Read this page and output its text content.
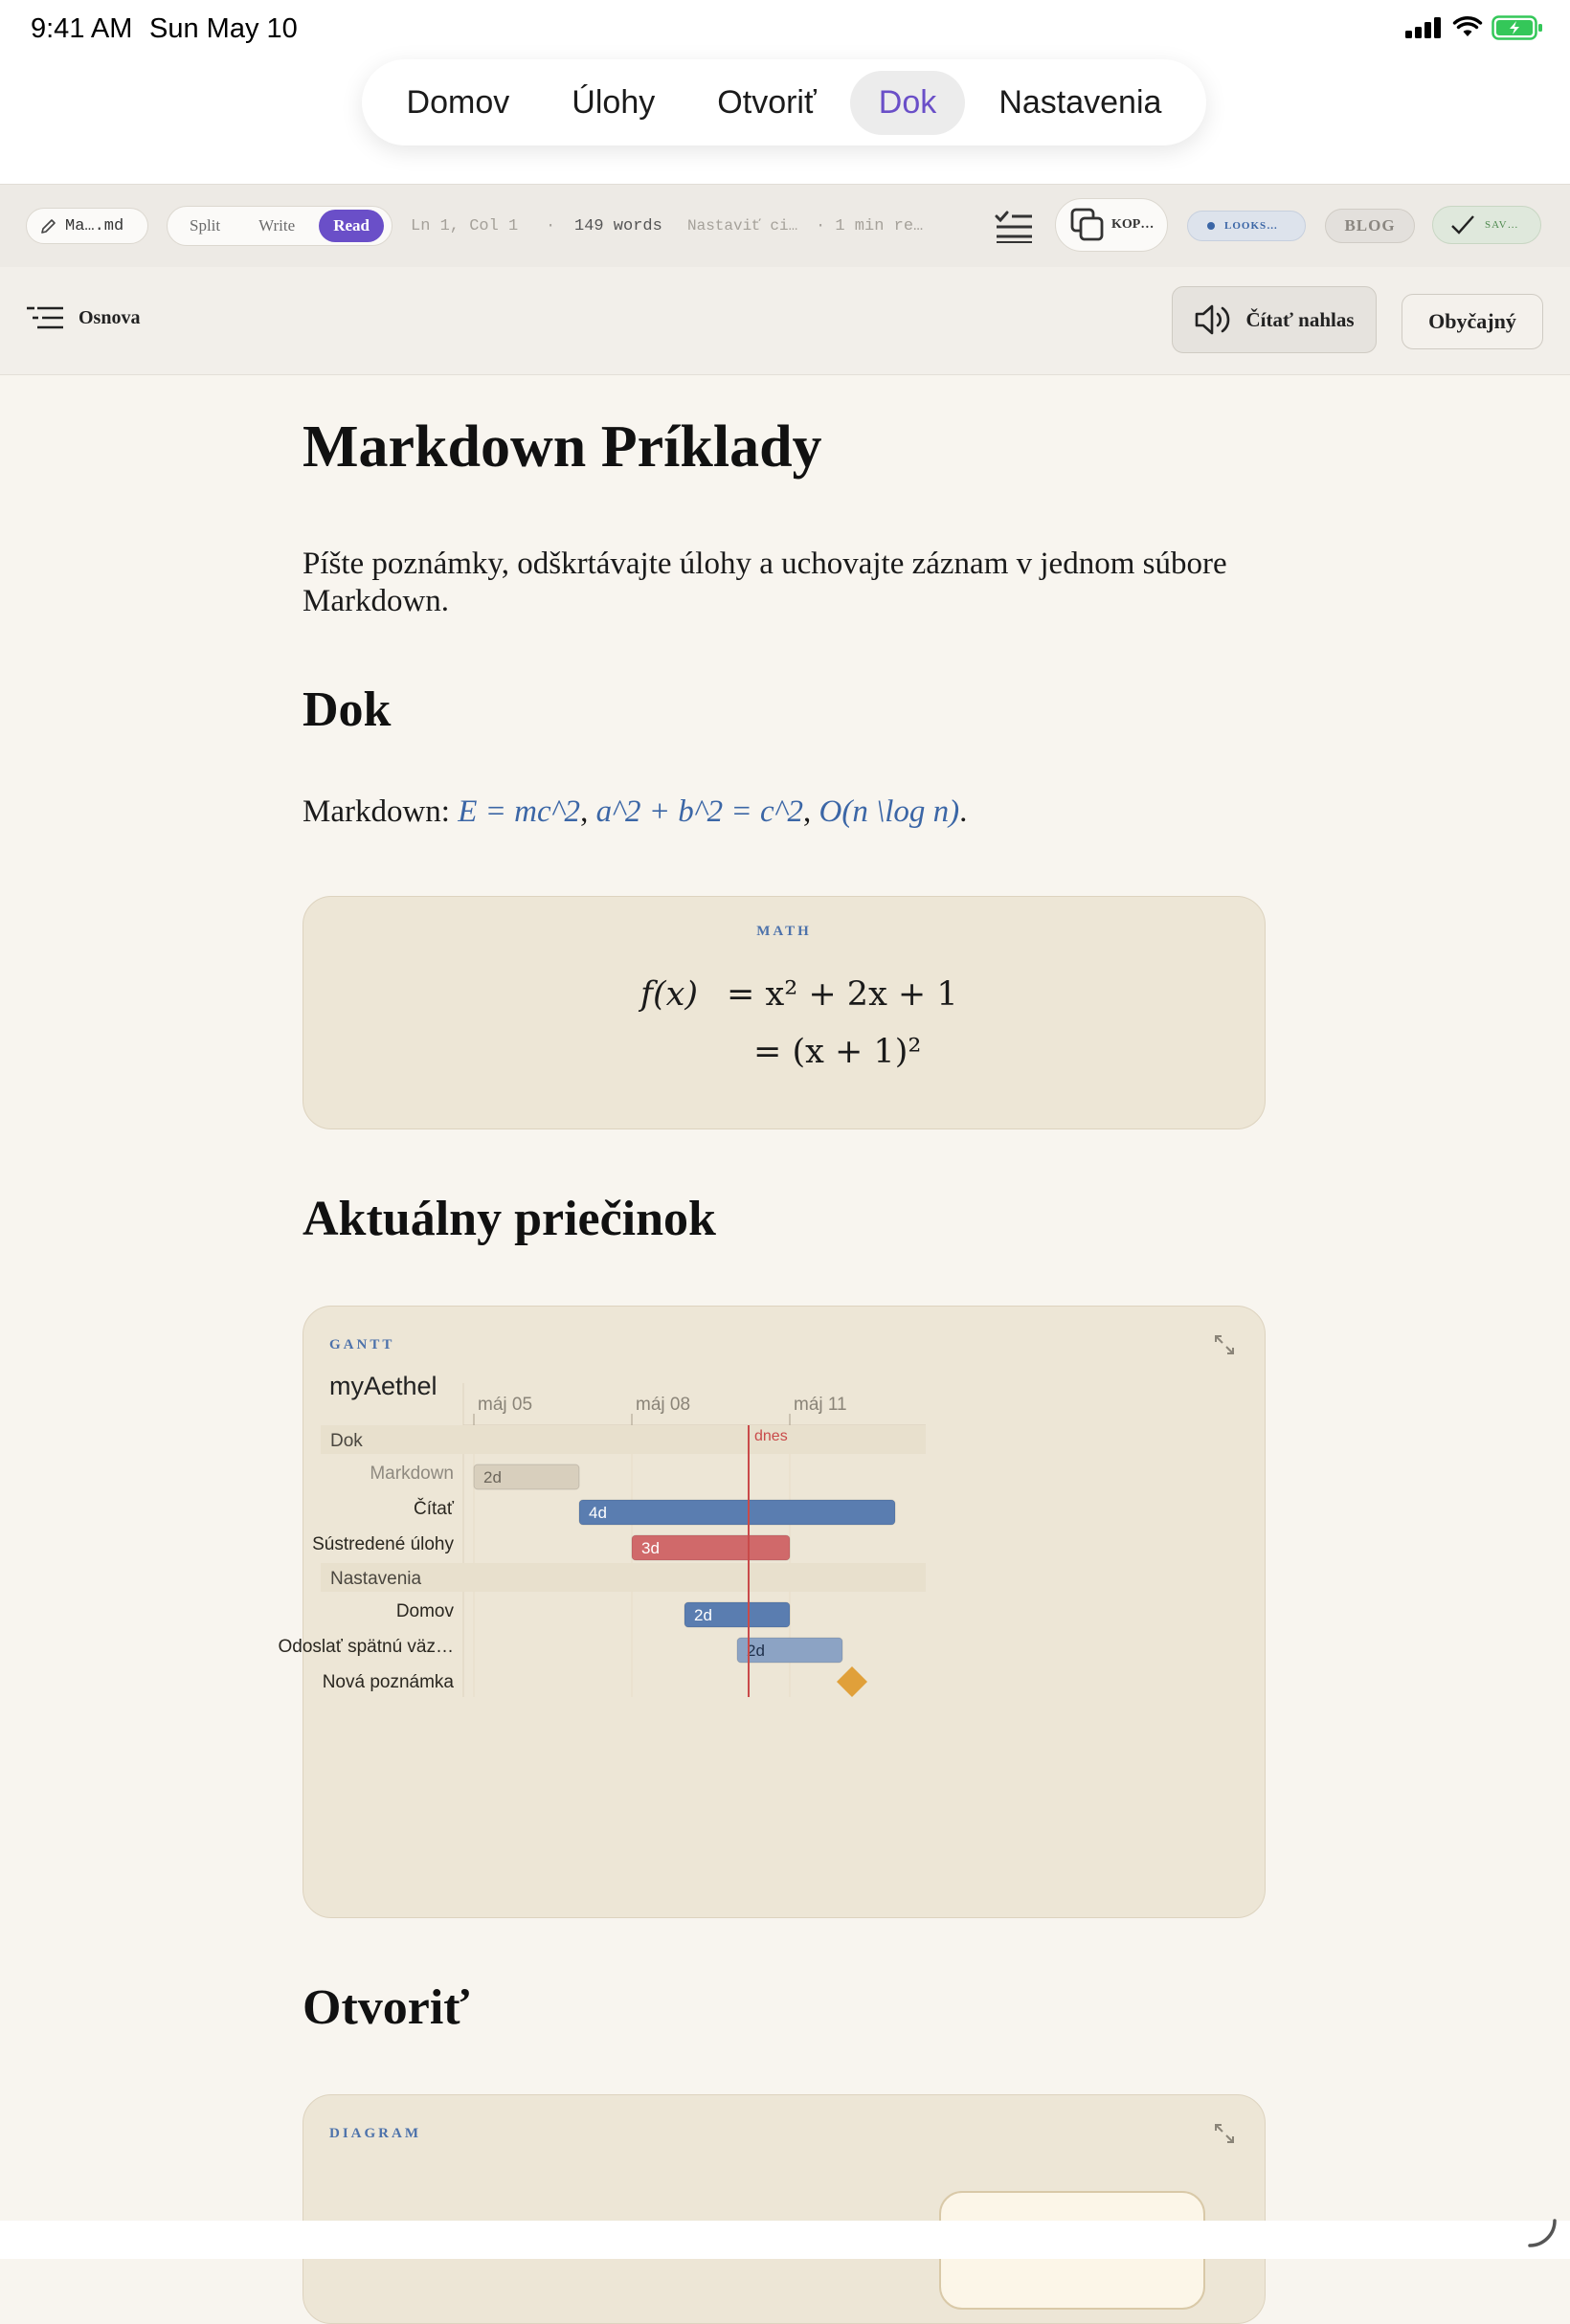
9:41 AM Sun May 10
Domov	Úlohy	Otvoriť	Dok	Nastavenia
Ma….md	Split	Write	Read	Ln 1, Col 1 · 149 words Nastaviť ci… · 1 min re…	KOP…	LOOKS…	BLOG	SAV…
Osnova	Čítať nahlas	Obyčajný
Markdown Príklady

Píšte poznámky, odškrtávajte úlohy a uchovajte záznam v jednom súbore Markdown.

Dok
Markdown: E = mc^2, a^2 + b^2 = c^2, O(n \log n).
MATH
f(x) = x² + 2x + 1
= (x + 1)²
Aktuálny priečinok
GANTT
myAethel
máj 05	máj 08	máj 11
Dok
Markdown 2d
Čítať	4d
Sústredené úlohy	3d
Nastavenia
Domov	2d
Odoslať spätnú väz…	2d
Nová poznámka
dnes
Otvoriť
DIAGRAM
